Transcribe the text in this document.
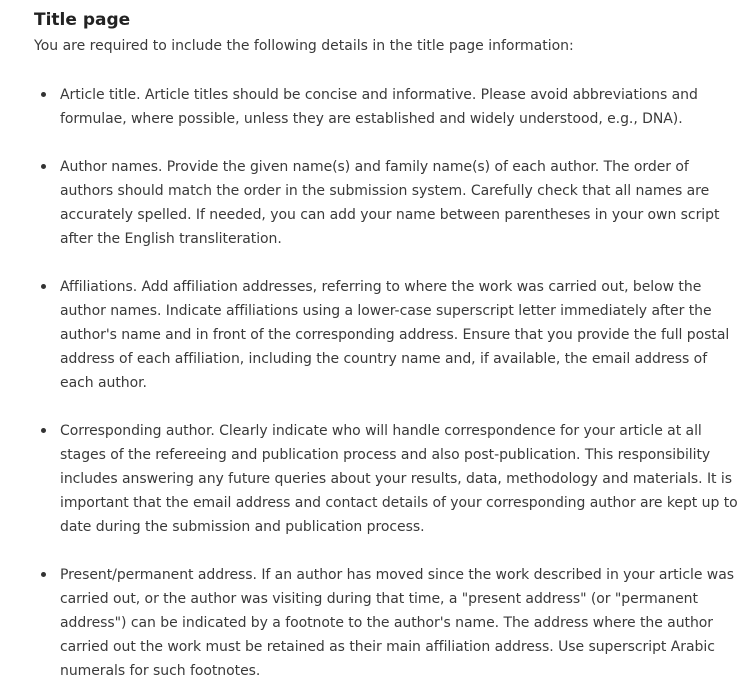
Title page

You are required to include the following details in the title page information:

Article title. Article titles should be concise and informative. Please avoid abbreviations and formulae, where possible, unless they are established and widely understood, e.g., DNA).
Author names. Provide the given name(s) and family name(s) of each author. The order of authors should match the order in the submission system. Carefully check that all names are accurately spelled. If needed, you can add your name between parentheses in your own script after the English transliteration.
Affiliations. Add affiliation addresses, referring to where the work was carried out, below the author names. Indicate affiliations using a lower-case superscript letter immediately after the author's name and in front of the corresponding address. Ensure that you provide the full postal address of each affiliation, including the country name and, if available, the email address of each author.
Corresponding author. Clearly indicate who will handle correspondence for your article at all stages of the refereeing and publication process and also post-publication. This responsibility includes answering any future queries about your results, data, methodology and materials. It is important that the email address and contact details of your corresponding author are kept up to date during the submission and publication process.
Present/permanent address. If an author has moved since the work described in your article was carried out, or the author was visiting during that time, a "present address" (or "permanent address") can be indicated by a footnote to the author's name. The address where the author carried out the work must be retained as their main affiliation address. Use superscript Arabic numerals for such footnotes.
